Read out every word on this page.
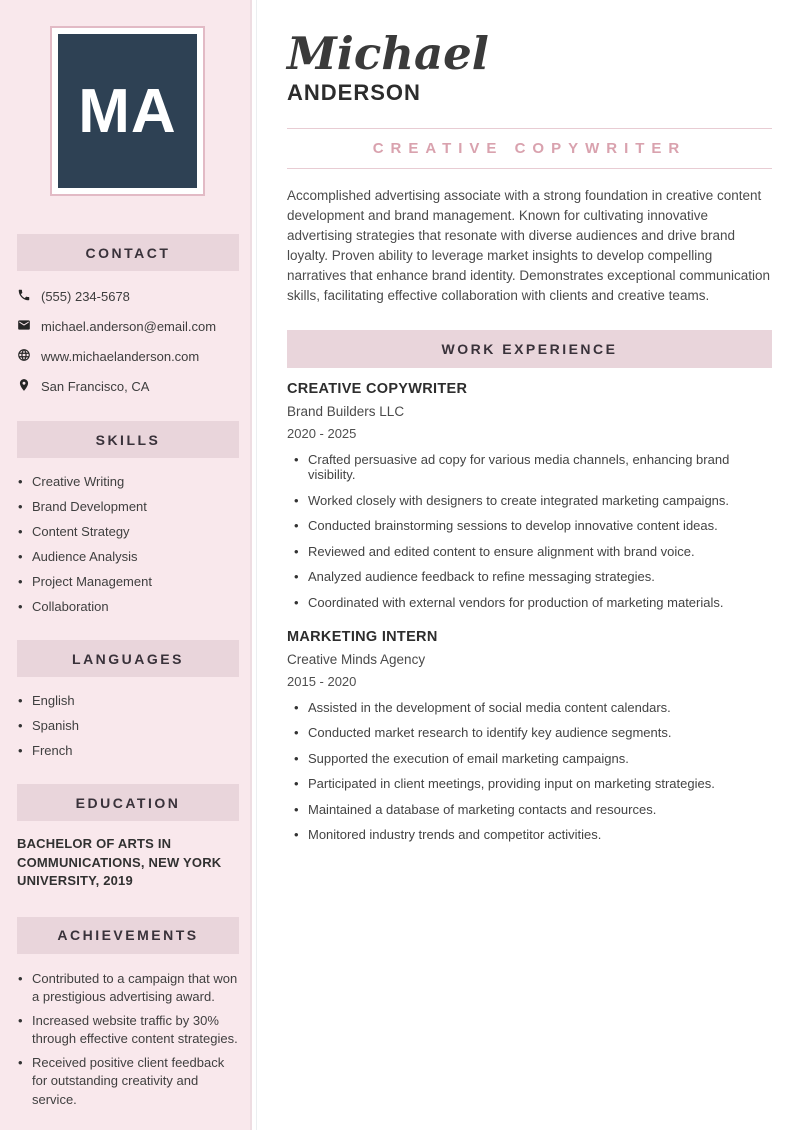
MA
CONTACT
(555) 234-5678
michael.anderson@email.com
www.michaelanderson.com
San Francisco, CA
SKILLS
• Creative Writing
• Brand Development
• Content Strategy
• Audience Analysis
• Project Management
• Collaboration
LANGUAGES
• English
• Spanish
• French
EDUCATION
BACHELOR OF ARTS IN COMMUNICATIONS, NEW YORK UNIVERSITY, 2019
ACHIEVEMENTS
• Contributed to a campaign that won a prestigious advertising award.
• Increased website traffic by 30% through effective content strategies.
• Received positive client feedback for outstanding creativity and service.
Michael
ANDERSON
CREATIVE COPYWRITER

Accomplished advertising associate with a strong foundation in creative content development and brand management. Known for cultivating innovative advertising strategies that resonate with diverse audiences and drive brand loyalty. Proven ability to leverage market insights to develop compelling narratives that enhance brand identity. Demonstrates exceptional communication skills, facilitating effective collaboration with clients and creative teams.

WORK EXPERIENCE
CREATIVE COPYWRITER
Brand Builders LLC
2020 - 2025
• Crafted persuasive ad copy for various media channels, enhancing brand visibility.
• Worked closely with designers to create integrated marketing campaigns.
• Conducted brainstorming sessions to develop innovative content ideas.
• Reviewed and edited content to ensure alignment with brand voice.
• Analyzed audience feedback to refine messaging strategies.
• Coordinated with external vendors for production of marketing materials.
MARKETING INTERN
Creative Minds Agency
2015 - 2020
• Assisted in the development of social media content calendars.
• Conducted market research to identify key audience segments.
• Supported the execution of email marketing campaigns.
• Participated in client meetings, providing input on marketing strategies.
• Maintained a database of marketing contacts and resources.
• Monitored industry trends and competitor activities.
